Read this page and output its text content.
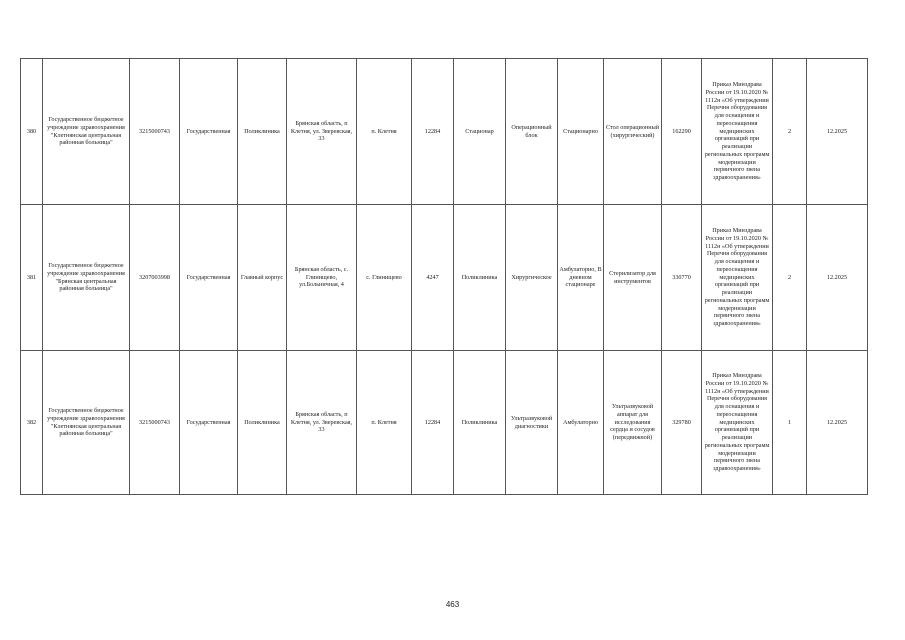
380	Государственное бюджетное учреждение здравоохранения "Клетнянская центральная районная больница"	3215000743	Государственная	Поликлиника	Брянская область, п Клетня, ул. Зверевская, 33	п. Клетня	12284	Стационар	Операционный блок	Стационарно	Стол операционный (хирургический)	162290	Приказ Минздрава России от 19.10.2020 № 1112н «Об утверждении Перечня оборудования для оснащения и переоснащения медицинских организаций при реализации региональных программ модернизации первичного звена здравоохранения»	2	12.2025
381	Государственное бюджетное учреждение здравоохранения "Брянская центральная районная больница"	3207003998	Государственная	Главный корпус	Брянская область, с. Глинищево, ул.Больничная, 4	с. Глинищево	4247	Поликлиника	Хирургическое	Амбулаторно, В дневном стационаре	Стерилизатор для инструментов	330770	Приказ Минздрава России от 19.10.2020 № 1112н «Об утверждении Перечня оборудования для оснащения и переоснащения медицинских организаций при реализации региональных программ модернизации первичного звена здравоохранения»	2	12.2025
382	Государственное бюджетное учреждение здравоохранения "Клетнянская центральная районная больница"	3215000743	Государственная	Поликлиника	Брянская область, п Клетня, ул. Зверевская, 33	п. Клетня	12284	Поликлиника	Ультразвуковой диагностики	Амбулаторно	Ультразвуковой аппарат для исследования сердца и сосудов (передвижной)	329780	Приказ Минздрава России от 19.10.2020 № 1112н «Об утверждении Перечня оборудования для оснащения и переоснащения медицинских организаций при реализации региональных программ модернизации первичного звена здравоохранения»	1	12.2025
463
